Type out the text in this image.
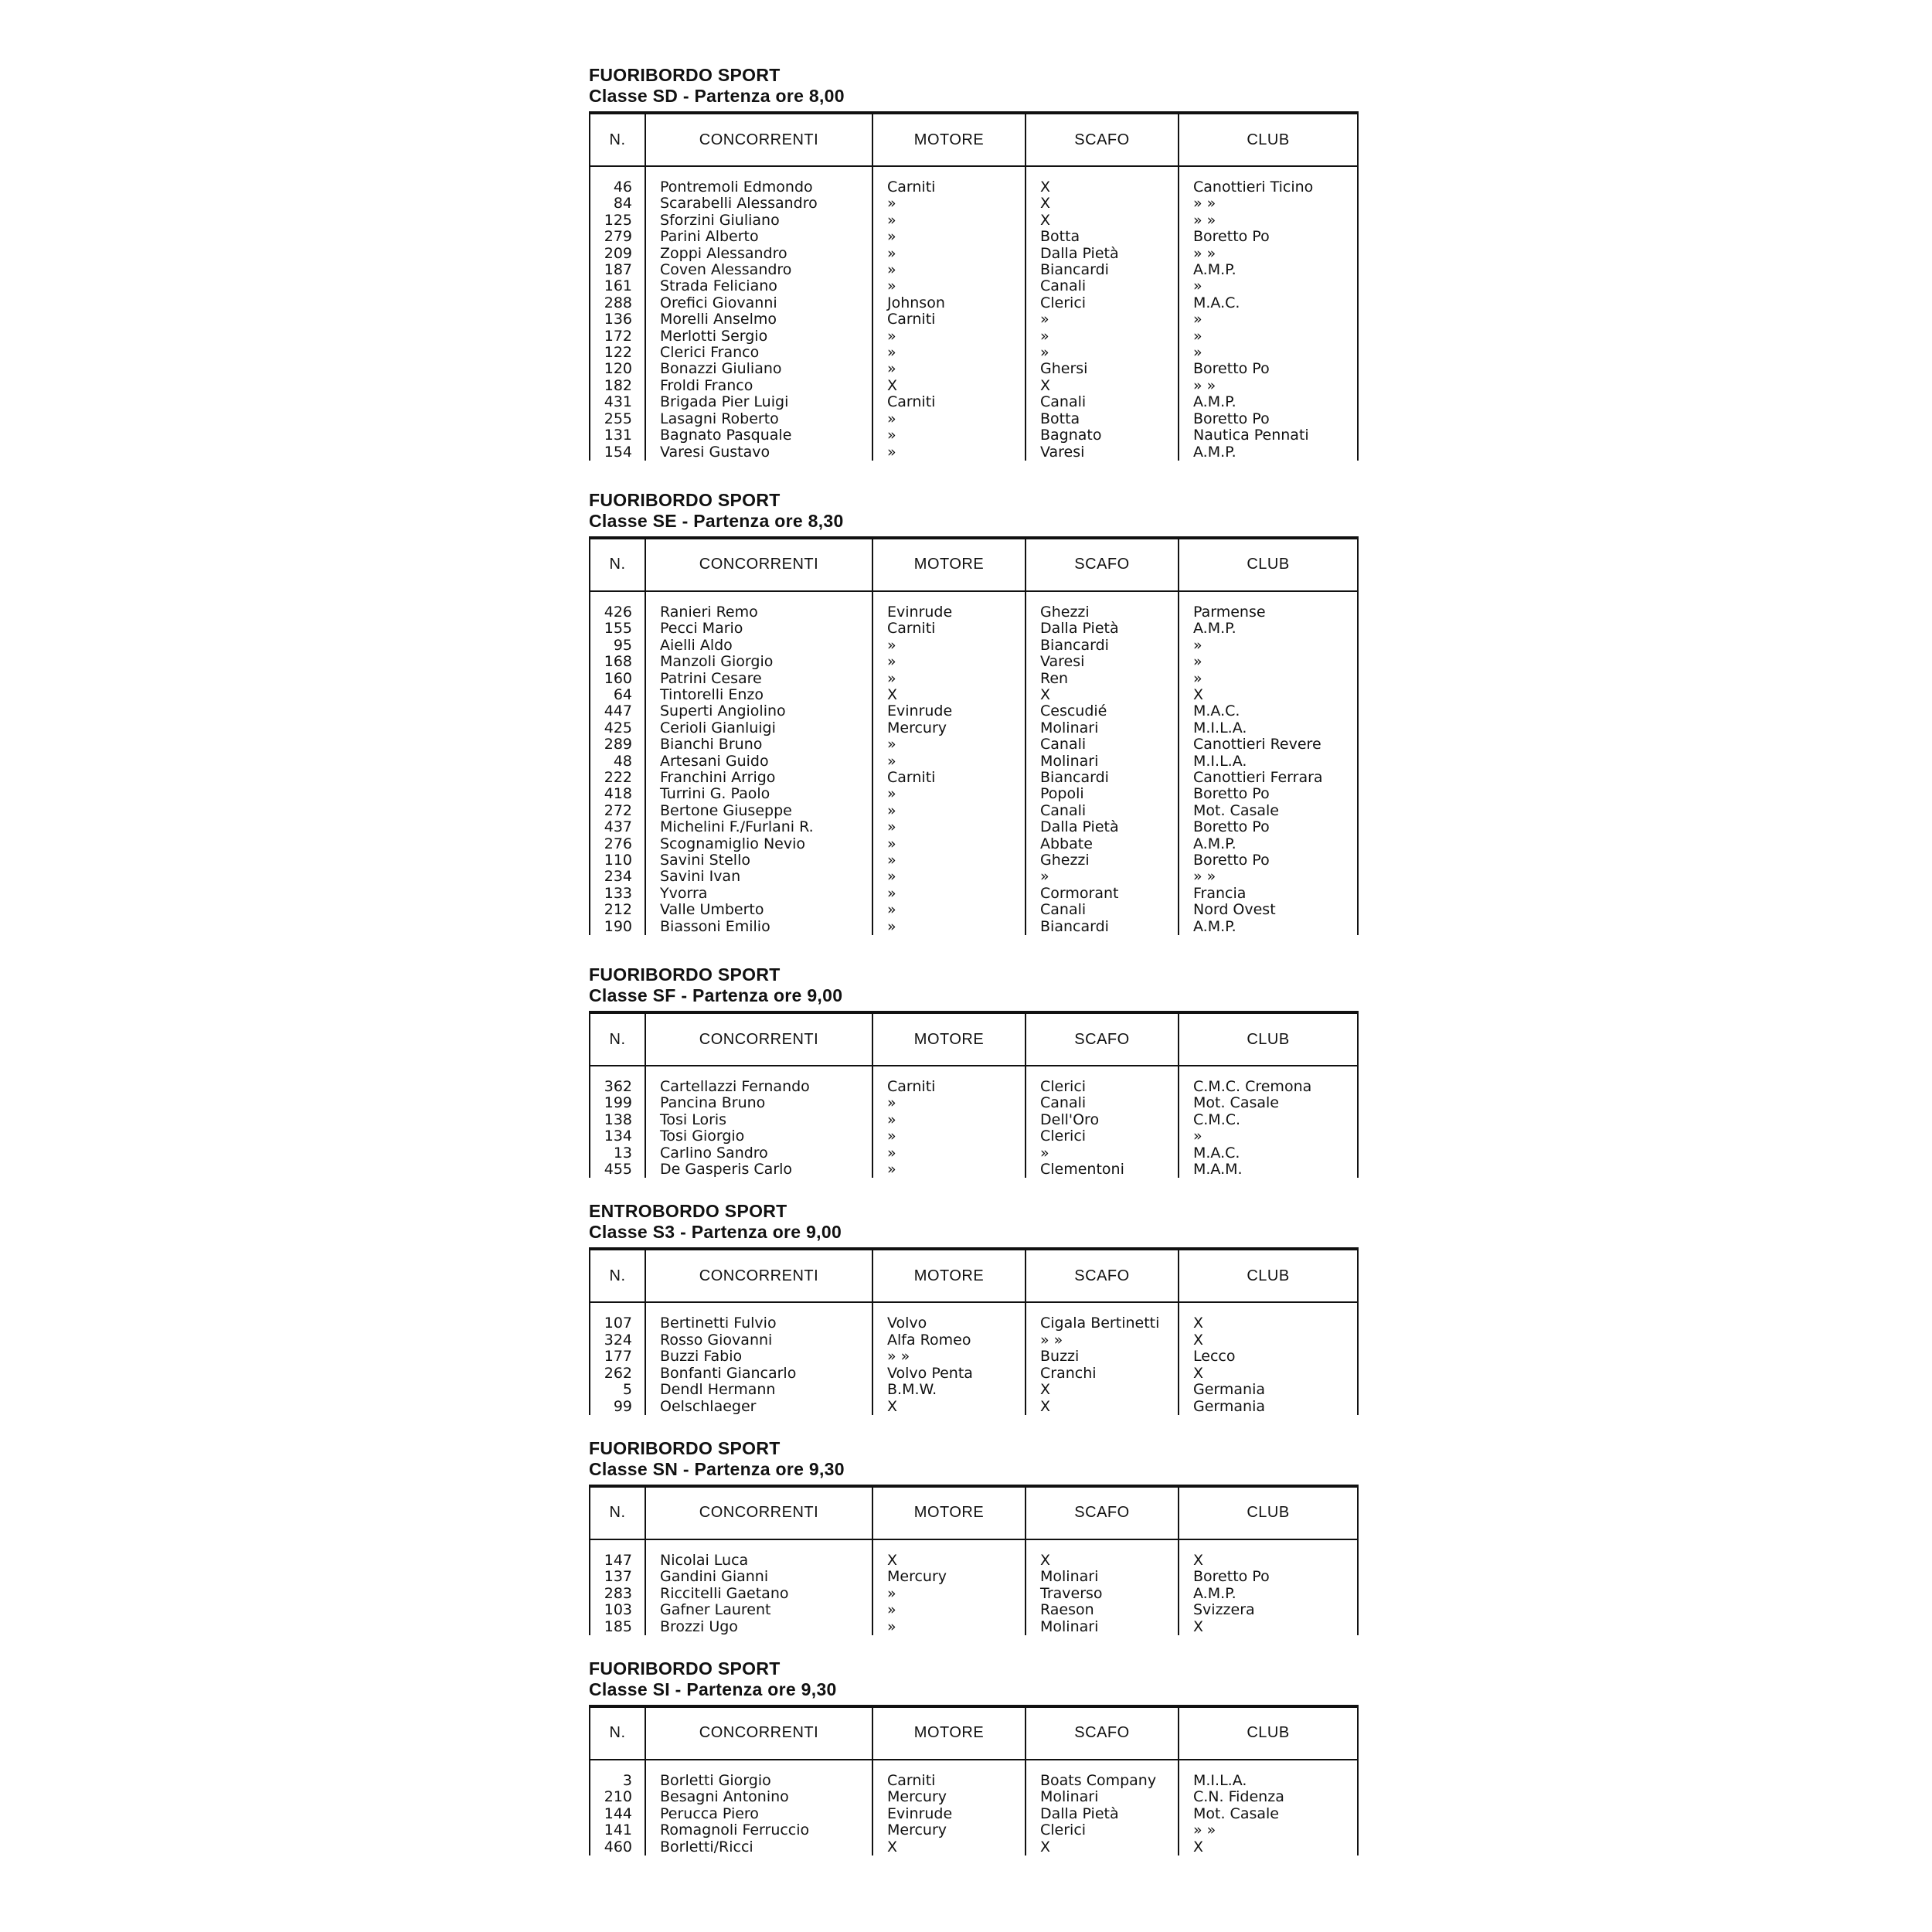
FUORIBORDO SPORT
Classe SD - Partenza ore 8,00
N.	CONCORRENTI	MOTORE	SCAFO	CLUB

46	Pontremoli Edmondo	Carniti	X	Canottieri Ticino
84	Scarabelli Alessandro	»	X	» »
125	Sforzini Giuliano	»	X	» »
279	Parini Alberto	»	Botta	Boretto Po
209	Zoppi Alessandro	»	Dalla Pietà	» »
187	Coven Alessandro	»	Biancardi	A.M.P.
161	Strada Feliciano	»	Canali	»
288	Orefici Giovanni	Johnson	Clerici	M.A.C.
136	Morelli Anselmo	Carniti	»	»
172	Merlotti Sergio	»	»	»
122	Clerici Franco	»	»	»
120	Bonazzi Giuliano	»	Ghersi	Boretto Po
182	Froldi Franco	X	X	» »
431	Brigada Pier Luigi	Carniti	Canali	A.M.P.
255	Lasagni Roberto	»	Botta	Boretto Po
131	Bagnato Pasquale	»	Bagnato	Nautica Pennati
154	Varesi Gustavo	»	Varesi	A.M.P.
FUORIBORDO SPORT
Classe SE - Partenza ore 8,30
N.	CONCORRENTI	MOTORE	SCAFO	CLUB

426	Ranieri Remo	Evinrude	Ghezzi	Parmense
155	Pecci Mario	Carniti	Dalla Pietà	A.M.P.
95	Aielli Aldo	»	Biancardi	»
168	Manzoli Giorgio	»	Varesi	»
160	Patrini Cesare	»	Ren	»
64	Tintorelli Enzo	X	X	X
447	Superti Angiolino	Evinrude	Cescudié	M.A.C.
425	Cerioli Gianluigi	Mercury	Molinari	M.I.L.A.
289	Bianchi Bruno	»	Canali	Canottieri Revere
48	Artesani Guido	»	Molinari	M.I.L.A.
222	Franchini Arrigo	Carniti	Biancardi	Canottieri Ferrara
418	Turrini G. Paolo	»	Popoli	Boretto Po
272	Bertone Giuseppe	»	Canali	Mot. Casale
437	Michelini F./Furlani R.	»	Dalla Pietà	Boretto Po
276	Scognamiglio Nevio	»	Abbate	A.M.P.
110	Savini Stello	»	Ghezzi	Boretto Po
234	Savini Ivan	»	»	» »
133	Yvorra	»	Cormorant	Francia
212	Valle Umberto	»	Canali	Nord Ovest
190	Biassoni Emilio	»	Biancardi	A.M.P.
FUORIBORDO SPORT
Classe SF - Partenza ore 9,00
N.	CONCORRENTI	MOTORE	SCAFO	CLUB

362	Cartellazzi Fernando	Carniti	Clerici	C.M.C. Cremona
199	Pancina Bruno	»	Canali	Mot. Casale
138	Tosi Loris	»	Dell'Oro	C.M.C.
134	Tosi Giorgio	»	Clerici	»
13	Carlino Sandro	»	»	M.A.C.
455	De Gasperis Carlo	»	Clementoni	M.A.M.
ENTROBORDO SPORT
Classe S3 - Partenza ore 9,00
N.	CONCORRENTI	MOTORE	SCAFO	CLUB

107	Bertinetti Fulvio	Volvo	Cigala Bertinetti	X
324	Rosso Giovanni	Alfa Romeo	» »	X
177	Buzzi Fabio	» »	Buzzi	Lecco
262	Bonfanti Giancarlo	Volvo Penta	Cranchi	X
5	Dendl Hermann	B.M.W.	X	Germania
99	Oelschlaeger	X	X	Germania
FUORIBORDO SPORT
Classe SN - Partenza ore 9,30
N.	CONCORRENTI	MOTORE	SCAFO	CLUB

147	Nicolai Luca	X	X	X
137	Gandini Gianni	Mercury	Molinari	Boretto Po
283	Riccitelli Gaetano	»	Traverso	A.M.P.
103	Gafner Laurent	»	Raeson	Svizzera
185	Brozzi Ugo	»	Molinari	X
FUORIBORDO SPORT
Classe SI - Partenza ore 9,30
N.	CONCORRENTI	MOTORE	SCAFO	CLUB

3	Borletti Giorgio	Carniti	Boats Company	M.I.L.A.
210	Besagni Antonino	Mercury	Molinari	C.N. Fidenza
144	Perucca Piero	Evinrude	Dalla Pietà	Mot. Casale
141	Romagnoli Ferruccio	Mercury	Clerici	» »
460	Borletti/Ricci	X	X	X
